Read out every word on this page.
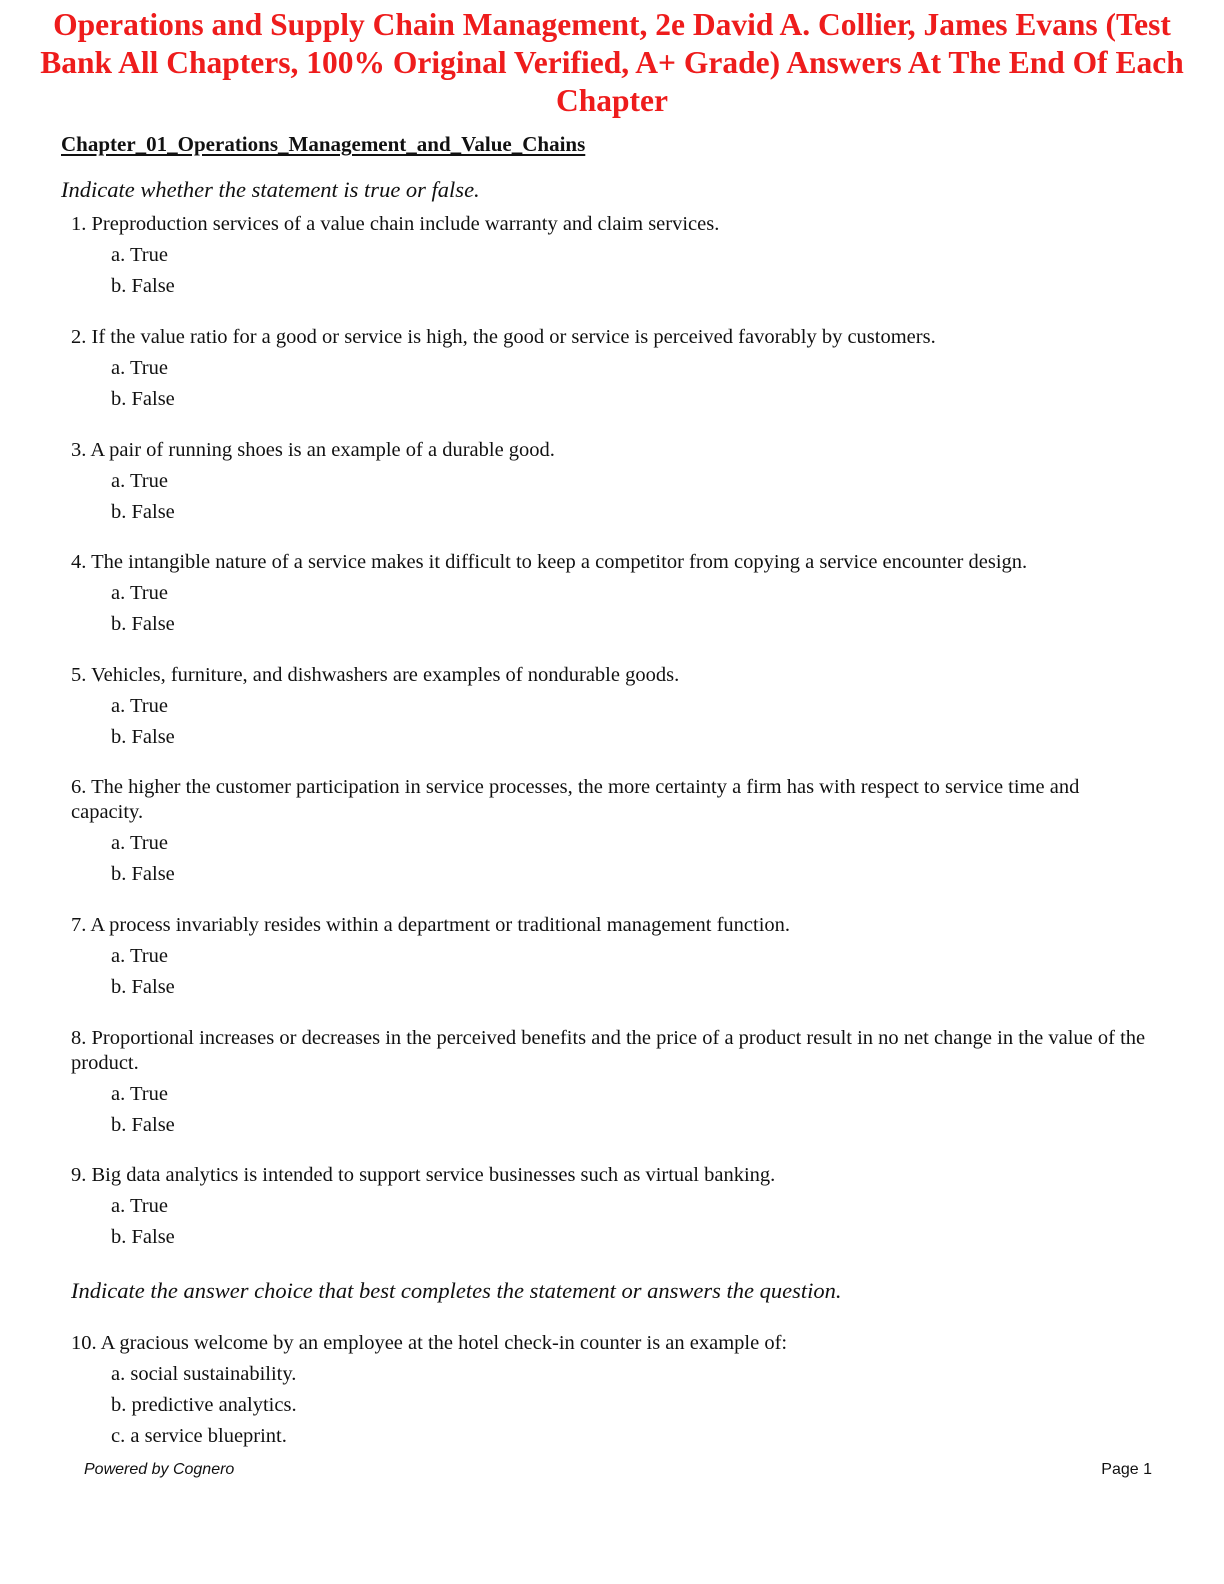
Operations and Supply Chain Management, 2e David A. Collier, James Evans (Test Bank All Chapters, 100% Original Verified, A+ Grade) Answers At The End Of Each Chapter
Chapter_01_Operations_Management_and_Value_Chains
Indicate whether the statement is true or false.

1. Preproduction services of a value chain include warranty and claim services.

a. True
b. False

2. If the value ratio for a good or service is high, the good or service is perceived favorably by customers.

a. True
b. False

3. A pair of running shoes is an example of a durable good.

a. True
b. False

4. The intangible nature of a service makes it difficult to keep a competitor from copying a service encounter design.

a. True
b. False

5. Vehicles, furniture, and dishwashers are examples of nondurable goods.

a. True
b. False

6. The higher the customer participation in service processes, the more certainty a firm has with respect to service time and capacity.

a. True
b. False

7. A process invariably resides within a department or traditional management function.

a. True
b. False

8. Proportional increases or decreases in the perceived benefits and the price of a product result in no net change in the value of the product.

a. True
b. False

9. Big data analytics is intended to support service businesses such as virtual banking.

a. True
b. False
Indicate the answer choice that best completes the statement or answers the question.

10. A gracious welcome by an employee at the hotel check-in counter is an example of:

a. social sustainability.
b. predictive analytics.
c. a service blueprint.
Powered by Cognero	Page 1
